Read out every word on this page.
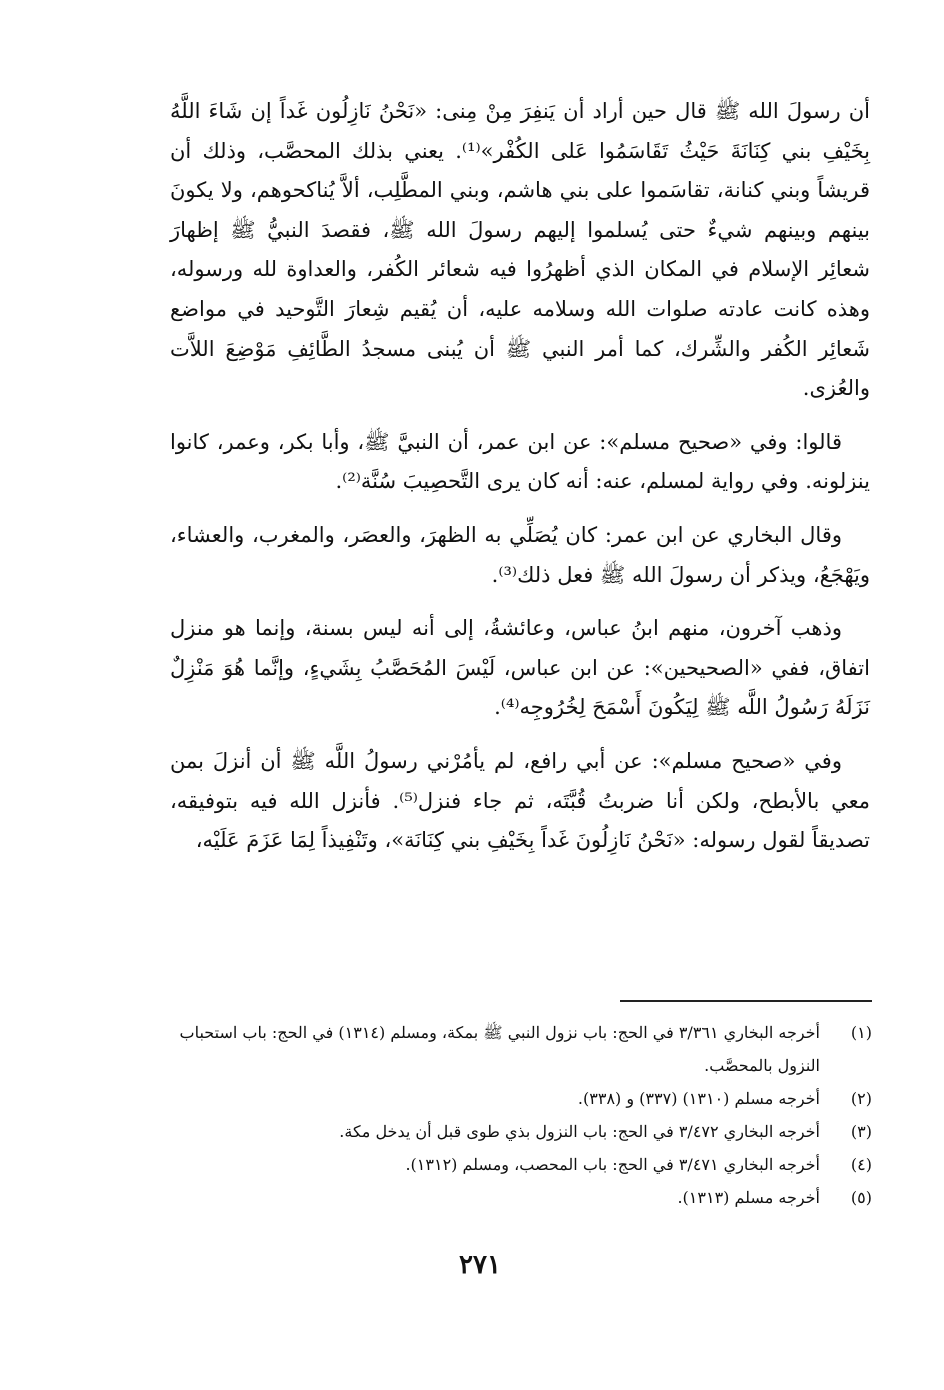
أن رسولَ الله ﷺ قال حين أراد أن يَنفِرَ مِنْ مِنى: «نَحْنُ نَازِلُون غَداً إن شَاءَ اللَّهُ بِخَيْفِ بني كِنَانَةَ حَيْثُ تَقَاسَمُوا عَلى الكُفْر»⁽¹⁾. يعني بذلك المحصَّب، وذلك أن قريشاً وبني كنانة، تقاسَموا على بني هاشم، وبني المطَّلِب، ألاَّ يُناكحوهم، ولا يكونَ بينهم وبينهم شيءٌ حتى يُسلموا إليهم رسولَ الله ﷺ، فقصدَ النبيُّ ﷺ إظهارَ شعائِر الإسلام في المكان الذي أظهرُوا فيه شعائر الكُفر، والعداوة لله ورسوله، وهذه كانت عادته صلوات الله وسلامه عليه، أن يُقيم شِعارَ التَّوحيد في مواضع شَعائِر الكُفر والشِّرك، كما أمر النبي ﷺ أن يُبنى مسجدُ الطَّائِفِ مَوْضِعَ اللاَّت والعُزى.

قالوا: وفي «صحيح مسلم»: عن ابن عمر، أن النبيَّ ﷺ، وأبا بكر، وعمر، كانوا ينزلونه. وفي رواية لمسلم، عنه: أنه كان يرى التَّحصِيبَ سُنَّة⁽²⁾.

وقال البخاري عن ابن عمر: كان يُصَلِّي به الظهرَ، والعصَر، والمغرب، والعشاء، ويَهْجَعُ، ويذكر أن رسولَ الله ﷺ فعل ذلك⁽³⁾.

وذهب آخرون، منهم ابنُ عباس، وعائشةُ، إلى أنه ليس بسنة، وإنما هو منزل اتفاق، ففي «الصحيحين»: عن ابن عباس، لَيْسَ المُحَصَّبُ بِشَيءٍ، وإنَّما هُوَ مَنْزِلٌ نَزَلَهُ رَسُولُ اللَّه ﷺ لِيَكُونَ أَسْمَحَ لِخُرُوجِه⁽⁴⁾.

وفي «صحيح مسلم»: عن أبي رافع، لم يأمُرْني رسولُ اللَّه ﷺ أن أنزلَ بمن معي بالأبطح، ولكن أنا ضربتُ قُبَّتَه، ثم جاء فنزل⁽⁵⁾. فأنزل الله فيه بتوفيقه، تصديقاً لقول رسوله: «نَحْنُ نَازِلُونَ غَداً بِخَيْفِ بني كِنَانَة»، وتَنْفِيذاً لِمَا عَزَمَ عَلَيْه،

(١)
أخرجه البخاري ٣/٣٦١ في الحج: باب نزول النبي ﷺ بمكة، ومسلم (١٣١٤) في الحج: باب استحباب النزول بالمحصَّب.
(٢)
أخرجه مسلم (١٣١٠) (٣٣٧) و (٣٣٨).
(٣)
أخرجه البخاري ٣/٤٧٢ في الحج: باب النزول بذي طوى قبل أن يدخل مكة.
(٤)
أخرجه البخاري ٣/٤٧١ في الحج: باب المحصب، ومسلم (١٣١٢).
(٥)
أخرجه مسلم (١٣١٣).
٢٧١
